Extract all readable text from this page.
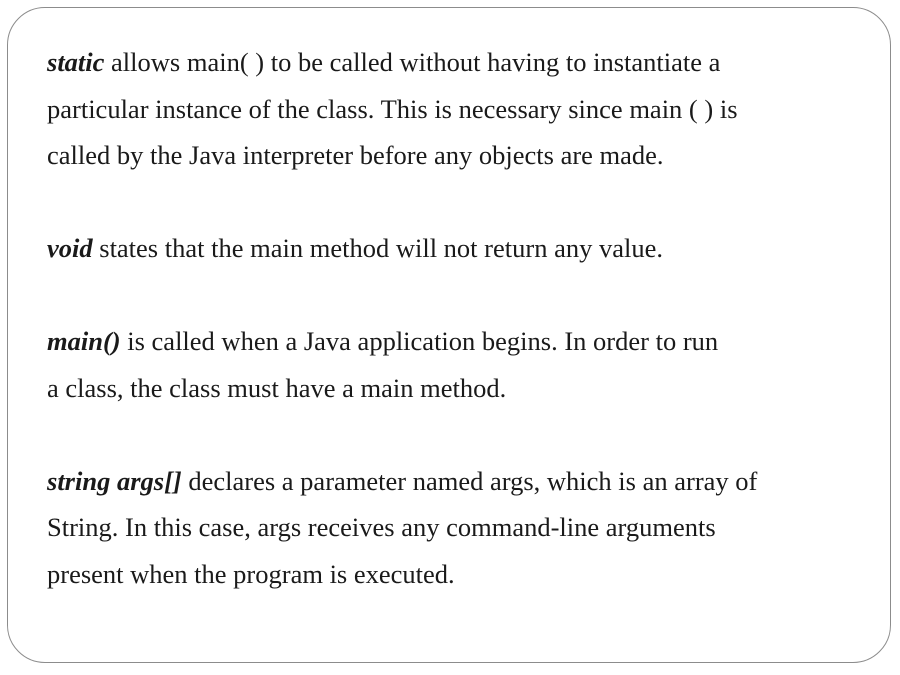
static allows main( ) to be called without having to instantiate a
particular instance of the class. This is necessary since main ( ) is
called by the Java interpreter before any objects are made.

void states that the main method will not return any value.

main() is called when a Java application begins. In order to run
a class, the class must have a main method.

string args[] declares a parameter named args, which is an array of
String. In this case, args receives any command-line arguments
present when the program is executed.
